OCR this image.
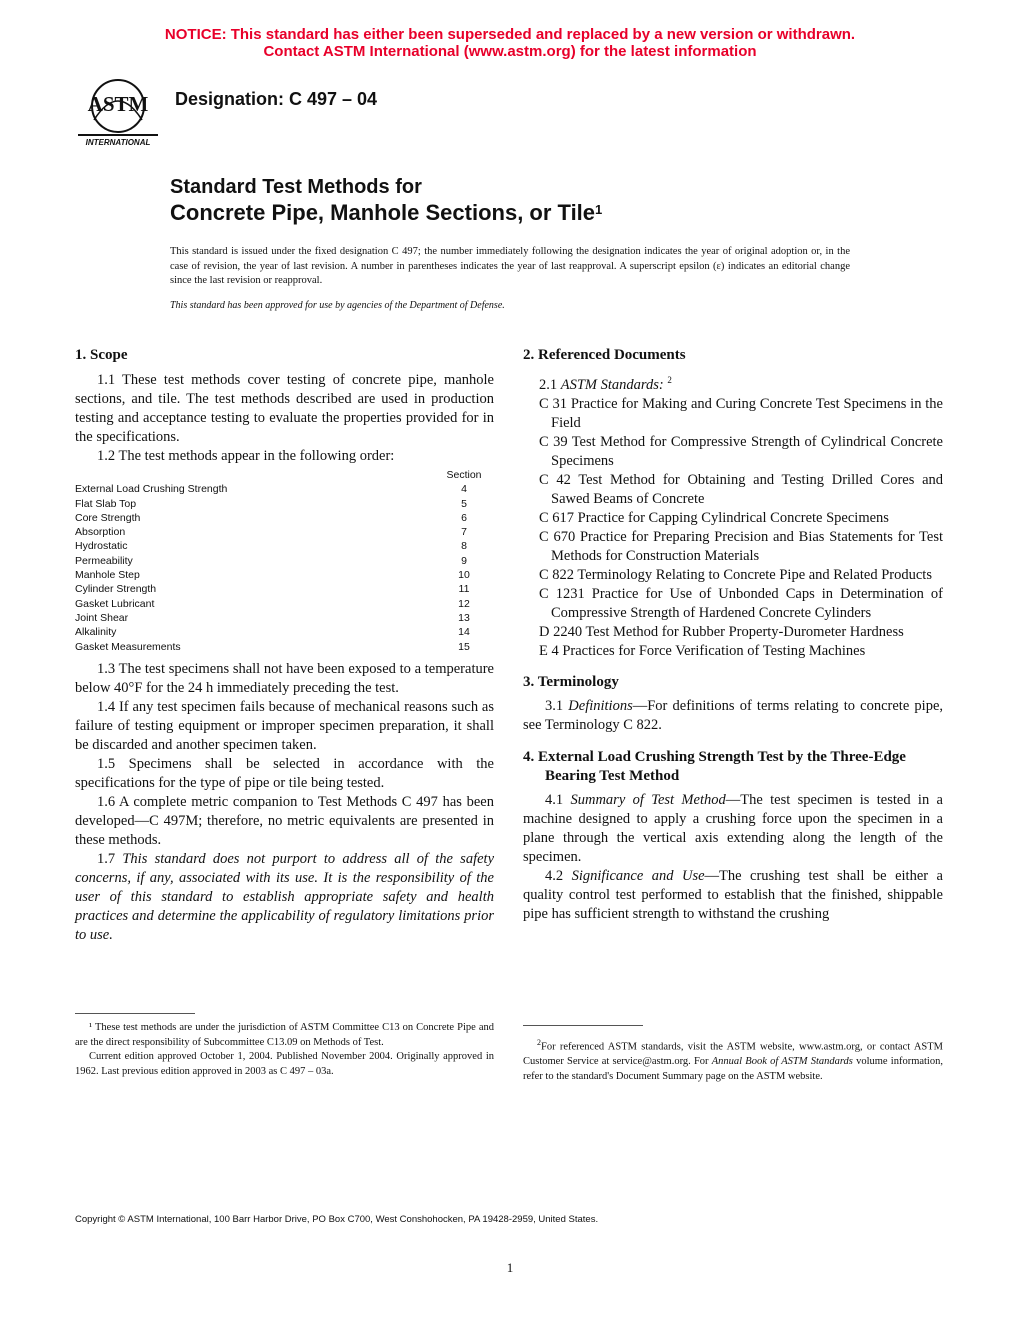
NOTICE: This standard has either been superseded and replaced by a new version or withdrawn.
Contact ASTM International (www.astm.org) for the latest information
ASTM
INTERNATIONAL
Designation: C 497 – 04
Standard Test Methods for
Concrete Pipe, Manhole Sections, or Tile$^1$
This standard is issued under the fixed designation C 497; the number immediately following the designation indicates the year of original adoption or, in the case of revision, the year of last revision. A number in parentheses indicates the year of last reapproval. A superscript epsilon (ε) indicates an editorial change since the last revision or reapproval.
This standard has been approved for use by agencies of the Department of Defense.
1. Scope

1.1 These test methods cover testing of concrete pipe, manhole sections, and tile. The test methods described are used in production testing and acceptance testing to evaluate the properties provided for in the specifications.

1.2 The test methods appear in the following order:

Section
External Load Crushing Strength	4
Flat Slab Top	5
Core Strength	6
Absorption	7
Hydrostatic	8
Permeability	9
Manhole Step	10
Cylinder Strength	11
Gasket Lubricant	12
Joint Shear	13
Alkalinity	14
Gasket Measurements	15

1.3 The test specimens shall not have been exposed to a temperature below 40°F for the 24 h immediately preceding the test.

1.4 If any test specimen fails because of mechanical reasons such as failure of testing equipment or improper specimen preparation, it shall be discarded and another specimen taken.

1.5 Specimens shall be selected in accordance with the specifications for the type of pipe or tile being tested.

1.6 A complete metric companion to Test Methods C 497 has been developed—C 497M; therefore, no metric equivalents are presented in these methods.

1.7 This standard does not purport to address all of the safety concerns, if any, associated with its use. It is the responsibility of the user of this standard to establish appropriate safety and health practices and determine the applicability of regulatory limitations prior to use.

¹ These test methods are under the jurisdiction of ASTM Committee C13 on Concrete Pipe and are the direct responsibility of Subcommittee C13.09 on Methods of Test.

Current edition approved October 1, 2004. Published November 2004. Originally approved in 1962. Last previous edition approved in 2003 as C 497 – 03a.

2. Referenced Documents

2.1 ASTM Standards: $^2$

C 31 Practice for Making and Curing Concrete Test Specimens in the Field

C 39 Test Method for Compressive Strength of Cylindrical Concrete Specimens

C 42 Test Method for Obtaining and Testing Drilled Cores and Sawed Beams of Concrete

C 617 Practice for Capping Cylindrical Concrete Specimens

C 670 Practice for Preparing Precision and Bias Statements for Test Methods for Construction Materials

C 822 Terminology Relating to Concrete Pipe and Related Products

C 1231 Practice for Use of Unbonded Caps in Determination of Compressive Strength of Hardened Concrete Cylinders

D 2240 Test Method for Rubber Property-Durometer Hardness

E 4 Practices for Force Verification of Testing Machines

3. Terminology

3.1 Definitions—For definitions of terms relating to concrete pipe, see Terminology C 822.

4. External Load Crushing Strength Test by the Three-Edge Bearing Test Method

4.1 Summary of Test Method—The test specimen is tested in a machine designed to apply a crushing force upon the specimen in a plane through the vertical axis extending along the length of the specimen.

4.2 Significance and Use—The crushing test shall be either a quality control test performed to establish that the finished, shippable pipe has sufficient strength to withstand the crushing

$^2$For referenced ASTM standards, visit the ASTM website, www.astm.org, or contact ASTM Customer Service at service@astm.org. For Annual Book of ASTM Standards volume information, refer to the standard's Document Summary page on the ASTM website.

Copyright © ASTM International, 100 Barr Harbor Drive, PO Box C700, West Conshohocken, PA 19428-2959, United States.
1
